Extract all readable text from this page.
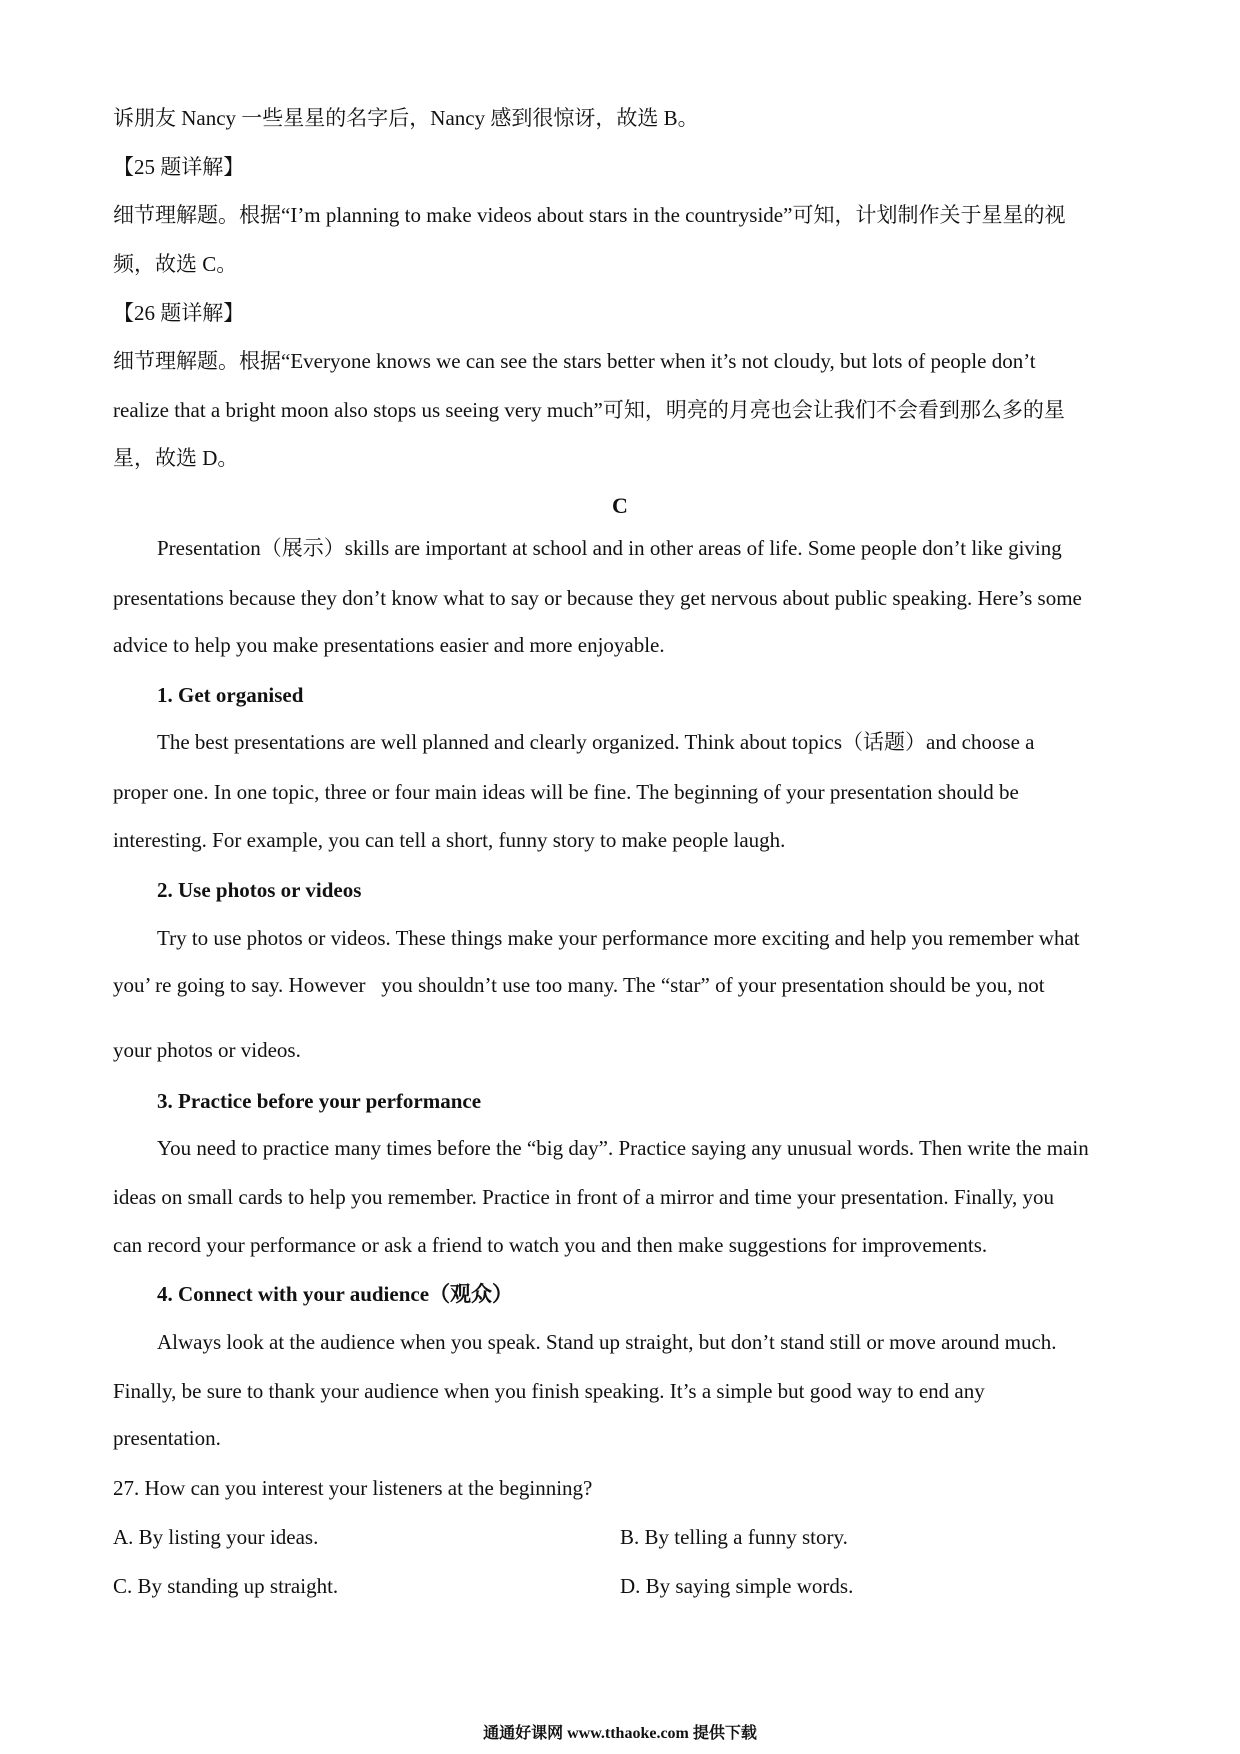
诉朋友 Nancy 一些星星的名字后，Nancy 感到很惊讶，故选 B。
【25 题详解】
细节理解题。根据“I’m planning to make videos about stars in the countryside”可知，计划制作关于星星的视
频，故选 C。
【26 题详解】
细节理解题。根据“Everyone knows we can see the stars better when it’s not cloudy, but lots of people don’t
realize that a bright moon also stops us seeing very much”可知，明亮的月亮也会让我们不会看到那么多的星
星，故选 D。
C
Presentation（展示）skills are important at school and in other areas of life. Some people don’t like giving
presentations because they don’t know what to say or because they get nervous about public speaking. Here’s some
advice to help you make presentations easier and more enjoyable.
1. Get organised
The best presentations are well planned and clearly organized. Think about topics（话题）and choose a
proper one. In one topic, three or four main ideas will be fine. The beginning of your presentation should be
interesting. For example, you can tell a short, funny story to make people laugh.
2. Use photos or videos
Try to use photos or videos. These things make your performance more exciting and help you remember what
you’ re going to say. However   you shouldn’t use too many. The “star” of your presentation should be you, not
your photos or videos.
3. Practice before your performance
You need to practice many times before the “big day”. Practice saying any unusual words. Then write the main
ideas on small cards to help you remember. Practice in front of a mirror and time your presentation. Finally, you
can record your performance or ask a friend to watch you and then make suggestions for improvements.
4. Connect with your audience（观众）
Always look at the audience when you speak. Stand up straight, but don’t stand still or move around much.
Finally, be sure to thank your audience when you finish speaking. It’s a simple but good way to end any
presentation.
27. How can you interest your listeners at the beginning?
A. By listing your ideas.	B. By telling a funny story.
C. By standing up straight.	D. By saying simple words.
通通好课网 www.tthaoke.com 提供下载
